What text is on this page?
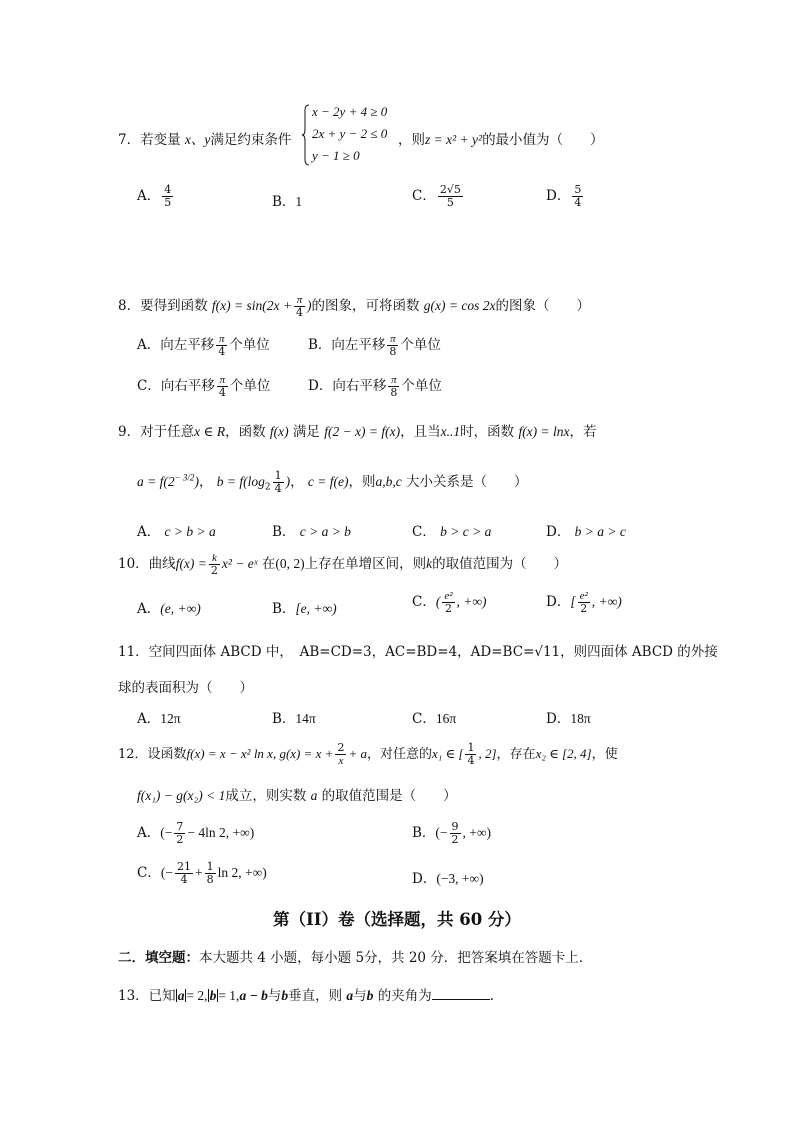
7．若变量 x、y满足约束条件
x − 2y + 4 ≥ 0
2x + y − 2 ≤ 0
y − 1 ≥ 0
，则z = x² + y²的最小值为（　　）
A． $\frac{4}{5}$	B．1	C． $\frac{2√5}{5}$	D． $\frac{5}{4}$
8．要得到函数 $f(x) = \sin(2x + \frac{\pi}{4}$ )的图象，可将函数 g(x) = cos 2x的图象（　　）
A．向左平移 $\frac{\pi}{4}$ 个单位	B．向左平移 $\frac{\pi}{8}$ 个单位
C．向右平移 $\frac{\pi}{4}$ 个单位	D．向右平移 $\frac{\pi}{8}$ 个单位
9．对于任意x ∈ R，函数 f(x) 满足 f(2 − x) = f(x)，且当x..1时，函数 f(x) = lnx，若
$a = f(2^{- 3/2})$， $b = f(\log_2 \frac{1}{4}$ )， c = f(e)，则a,b,c 大小关系是（　　）
A． c > b > a	B． c > a > b	C． b > c > a	D． b > a > c
10．曲线$f(x) = \frac{k}{2} x^2$ − eˣ 在(0, 2)上存在单增区间，则k的取值范围为（　　）
A．(e, +∞)	B．[e, +∞)	C．( $\frac{\text{e²}}{2}$ , +∞)	D．[ $\frac{\text{e²}}{2}$ , +∞)
11．空间四面体 ABCD 中，　AB=CD=3，AC=BD=4，AD=BC=√11，则四面体 ABCD 的外接
球的表面积为（　　）
A．12π	B．14π	C．16π	D．18π
12．设函数f(x) = x − x² ln x, $g(x) = x + \frac{2}{x} + a$，对任意的x₁ ∈ [ $\frac{1}{4}$ , 2]，存在x₂ ∈ [2, 4]，使
f(x₁) − g(x₂) < 1成立，则实数 a 的取值范围是（　　）
A．(− $\frac{7}{2} - 4\ln$ 2, +∞)	B．(− $\frac{9}{2}$ , +∞)
C．(− $\frac{21}{4} + \frac{1}{8}$ ln 2, +∞)	D．(−3, +∞)
第（II）卷（选择题，共 60 分）
二．填空题：本大题共 4 小题，每小题 5分，共 20 分．把答案填在答题卡上．
13．已知 a = 2, b = 1,a − b与b垂直，则 a与b 的夹角为	.
